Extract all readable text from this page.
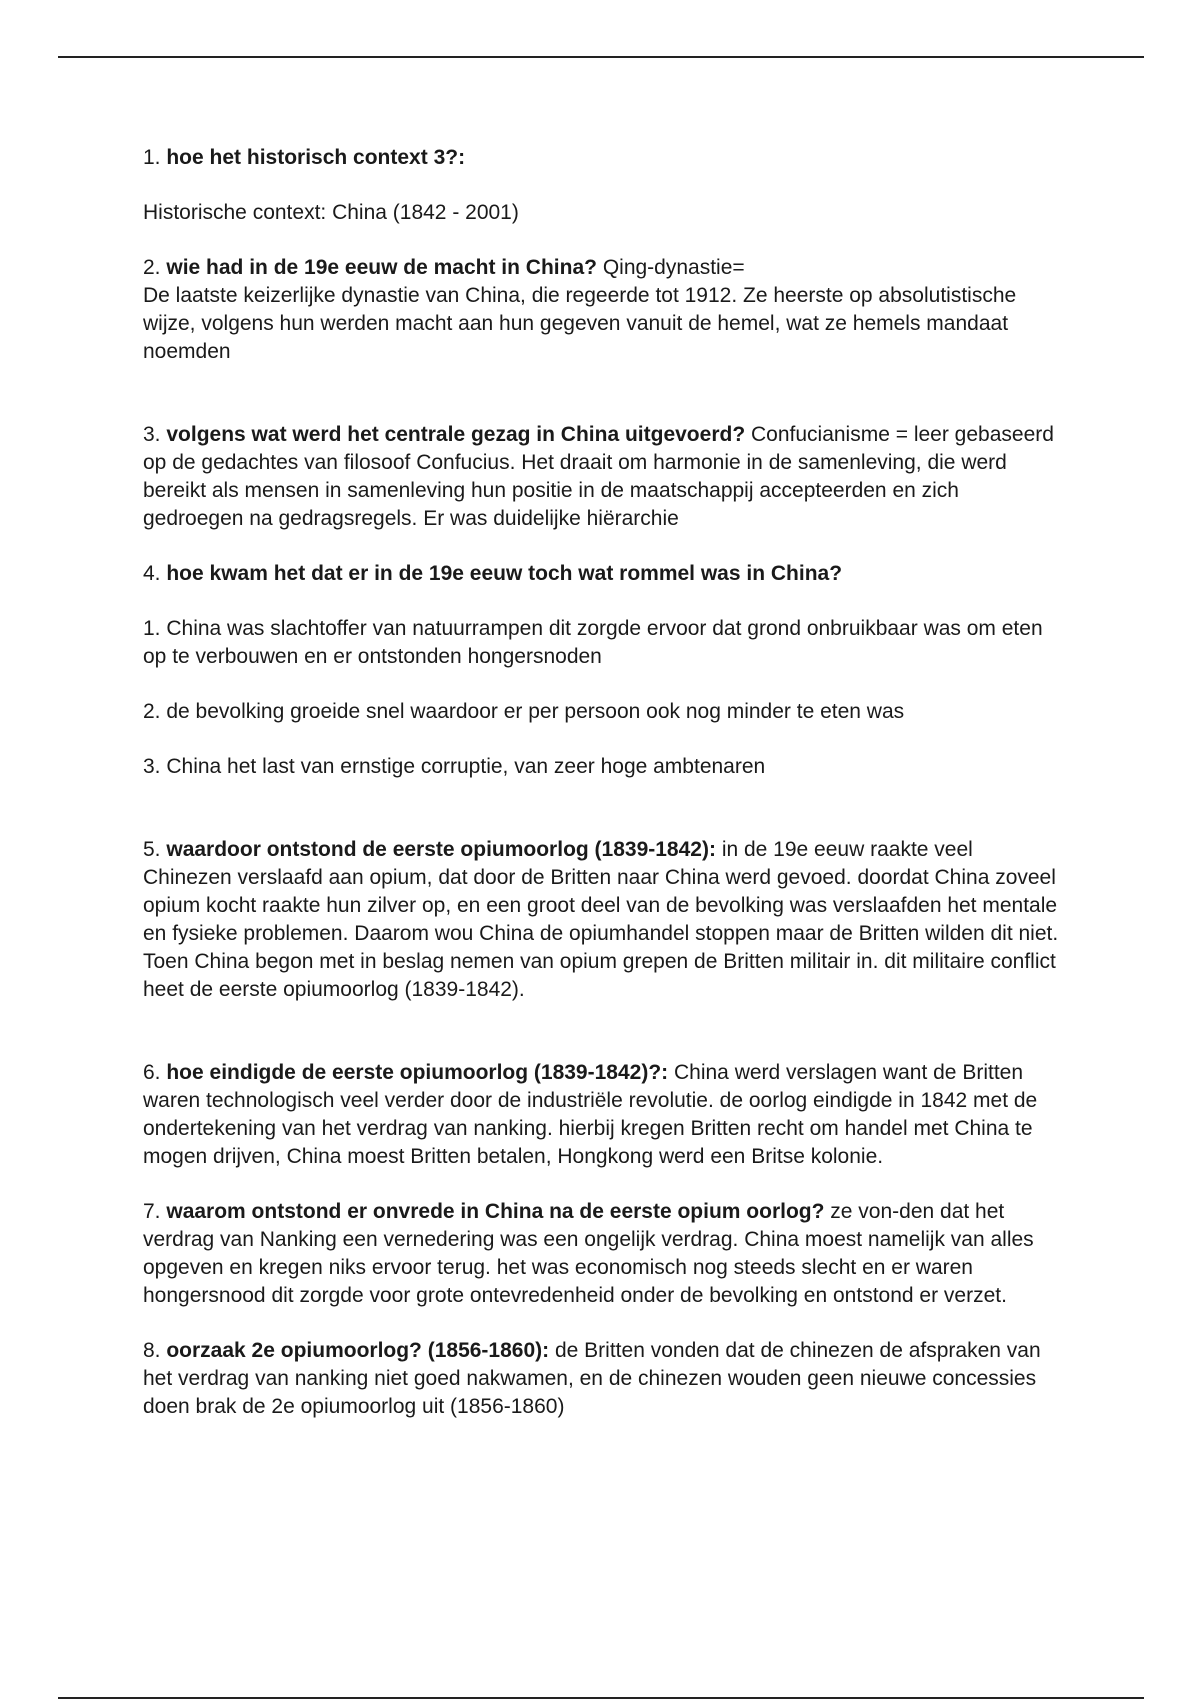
1. hoe het historisch context 3?:

Historische context: China (1842 - 2001)

2. wie had in de 19e eeuw de macht in China? Qing-dynastie=
De laatste keizerlijke dynastie van China, die regeerde tot 1912. Ze heerste op absolutistische wijze, volgens hun werden macht aan hun gegeven vanuit de hemel, wat ze hemels mandaat noemden

3. volgens wat werd het centrale gezag in China uitgevoerd? Confucianisme = leer gebaseerd op de gedachtes van filosoof Confucius. Het draait om harmonie in de samenleving, die werd bereikt als mensen in samenleving hun positie in de maatschappij accepteerden en zich gedroegen na gedragsregels. Er was duidelijke hiërarchie

4. hoe kwam het dat er in de 19e eeuw toch wat rommel was in China?

1. China was slachtoffer van natuurrampen dit zorgde ervoor dat grond onbruikbaar was om eten op te verbouwen en er ontstonden hongersnoden

2. de bevolking groeide snel waardoor er per persoon ook nog minder te eten was

3. China het last van ernstige corruptie, van zeer hoge ambtenaren

5. waardoor ontstond de eerste opiumoorlog (1839-1842): in de 19e eeuw raakte veel Chinezen verslaafd aan opium, dat door de Britten naar China werd gevoed. doordat China zoveel opium kocht raakte hun zilver op, en een groot deel van de bevolking was verslaafden het mentale en fysieke problemen. Daarom wou China de opiumhandel stoppen maar de Britten wilden dit niet. Toen China begon met in beslag nemen van opium grepen de Britten militair in. dit militaire conflict heet de eerste opiumoorlog (1839-1842).

6. hoe eindigde de eerste opiumoorlog (1839-1842)?: China werd verslagen want de Britten waren technologisch veel verder door de industriële revolutie. de oorlog eindigde in 1842 met de ondertekening van het verdrag van nanking. hierbij kregen Britten recht om handel met China te mogen drijven, China moest Britten betalen, Hongkong werd een Britse kolonie.

7. waarom ontstond er onvrede in China na de eerste opium oorlog? ze von-den dat het verdrag van Nanking een vernedering was een ongelijk verdrag. China moest namelijk van alles opgeven en kregen niks ervoor terug. het was economisch nog steeds slecht en er waren hongersnood dit zorgde voor grote ontevredenheid onder de bevolking en ontstond er verzet.

8. oorzaak 2e opiumoorlog? (1856-1860): de Britten vonden dat de chinezen de afspraken van het verdrag van nanking niet goed nakwamen, en de chinezen wouden geen nieuwe concessies doen brak de 2e opiumoorlog uit (1856-1860)
